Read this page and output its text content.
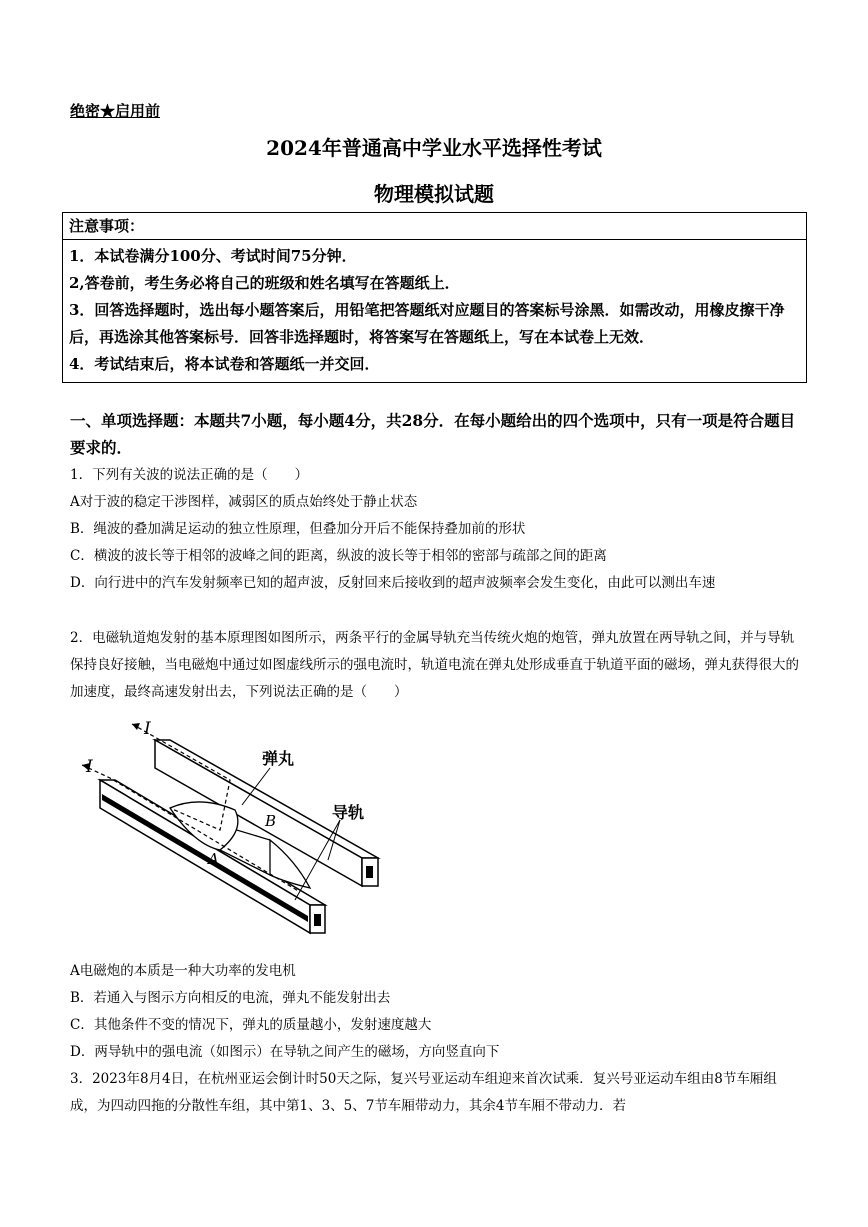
绝密★启用前
2024年普通高中学业水平选择性考试
物理模拟试题
注意事项：
1．本试卷满分100分、考试时间75分钟．
2,答卷前，考生务必将自己的班级和姓名填写在答题纸上．
3．回答选择题时，选出每小题答案后，用铅笔把答题纸对应题目的答案标号涂黑．如需改动，用橡皮擦干净后，再选涂其他答案标号．回答非选择题时，将答案写在答题纸上，写在本试卷上无效．
4．考试结束后，将本试卷和答题纸一并交回．
一、单项选择题：本题共7小题，每小题4分，共28分．在每小题给出的四个选项中，只有一项是符合题目要求的．
1．下列有关波的说法正确的是（　　）
A对于波的稳定干涉图样，减弱区的质点始终处于静止状态
B．绳波的叠加满足运动的独立性原理，但叠加分开后不能保持叠加前的形状
C．横波的波长等于相邻的波峰之间的距离，纵波的波长等于相邻的密部与疏部之间的距离
D．向行进中的汽车发射频率已知的超声波，反射回来后接收到的超声波频率会发生变化，由此可以测出车速
2．电磁轨道炮发射的基本原理图如图所示，两条平行的金属导轨充当传统火炮的炮管，弹丸放置在两导轨之间，并与导轨保持良好接触，当电磁炮中通过如图虚线所示的强电流时，轨道电流在弹丸处形成垂直于轨道平面的磁场，弹丸获得很大的加速度，最终高速发射出去，下列说法正确的是（　　）
I
I	弹丸
导轨
B
A
A电磁炮的本质是一种大功率的发电机
B．若通入与图示方向相反的电流，弹丸不能发射出去
C．其他条件不变的情况下，弹丸的质量越小，发射速度越大
D．两导轨中的强电流（如图示）在导轨之间产生的磁场，方向竖直向下
3．2023年8月4日，在杭州亚运会倒计时50天之际，复兴号亚运动车组迎来首次试乘．复兴号亚运动车组由8节车厢组成，为四动四拖的分散性车组，其中第1、3、5、7节车厢带动力，其余4节车厢不带动力．若
